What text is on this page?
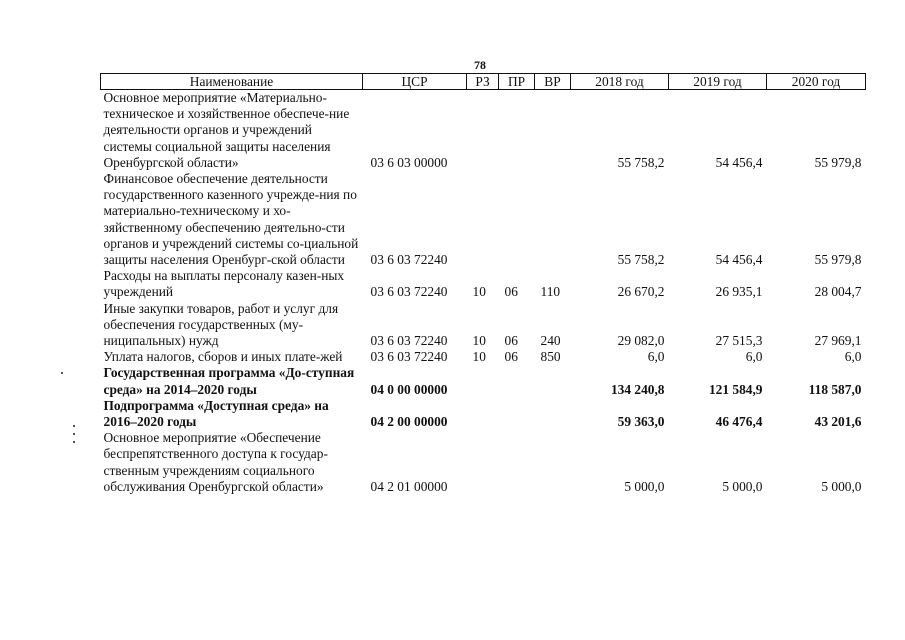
78
Наименование	ЦСР	РЗ	ПР	ВР	2018 год	2019 год	2020 год
Основное мероприятие «Материально-техническое и хозяйственное обеспече-ние деятельности органов и учреждений системы социальной защиты населения Оренбургской области»	03 6 03 00000				55 758,2	54 456,4	55 979,8
Финансовое обеспечение деятельности государственного казенного учрежде-ния по материально-техническому и хо-зяйственному обеспечению деятельно-сти органов и учреждений системы со-циальной защиты населения Оренбург-ской области	03 6 03 72240				55 758,2	54 456,4	55 979,8
Расходы на выплаты персоналу казен-ных учреждений	03 6 03 72240	10	06	110	26 670,2	26 935,1	28 004,7
Иные закупки товаров, работ и услуг для обеспечения государственных (му-ниципальных) нужд	03 6 03 72240	10	06	240	29 082,0	27 515,3	27 969,1
Уплата налогов, сборов и иных плате-жей	03 6 03 72240	10	06	850	6,0	6,0	6,0
Государственная программа «До-ступная среда» на 2014–2020 годы	04 0 00 00000				134 240,8	121 584,9	118 587,0
Подпрограмма «Доступная среда» на 2016–2020 годы	04 2 00 00000				59 363,0	46 476,4	43 201,6
Основное мероприятие «Обеспечение беспрепятственного доступа к государ-ственным учреждениям социального обслуживания Оренбургской области»	04 2 01 00000				5 000,0	5 000,0	5 000,0
